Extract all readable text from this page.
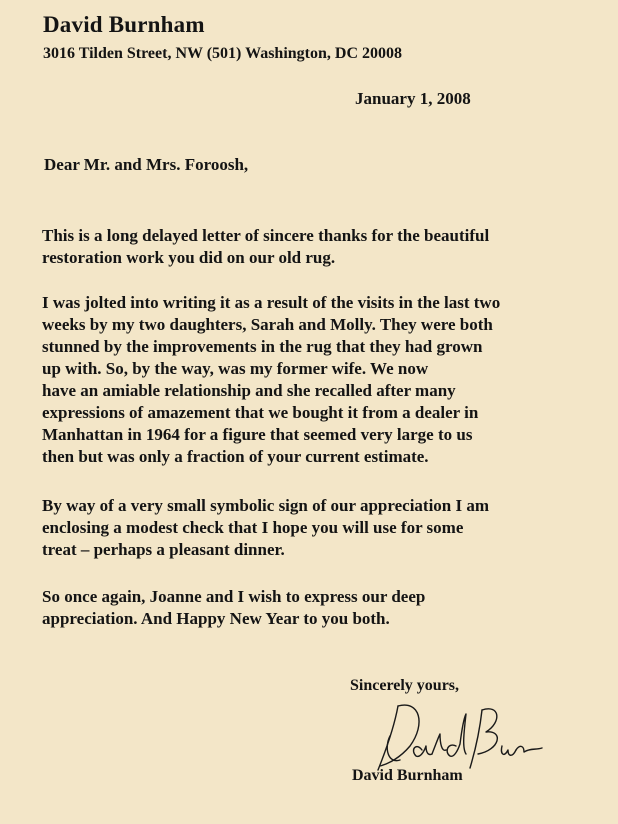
David Burnham
3016 Tilden Street, NW (501) Washington, DC 20008
January 1, 2008
Dear Mr. and Mrs. Foroosh,
This is a long delayed letter of sincere thanks for the beautiful
restoration work you did on our old rug.
I was jolted into writing it as a result of the visits in the last two
weeks by my two daughters, Sarah and Molly. They were both
stunned by the improvements in the rug that they had grown
up with. So, by the way, was my former wife. We now
have an amiable relationship and she recalled after many
expressions of amazement that we bought it from a dealer in
Manhattan in 1964 for a figure that seemed very large to us
then but was only a fraction of your current estimate.
By way of a very small symbolic sign of our appreciation I am
enclosing a modest check that I hope you will use for some
treat – perhaps a pleasant dinner.
So once again, Joanne and I wish to express our deep
appreciation. And Happy New Year to you both.
Sincerely yours,
David Burnham
